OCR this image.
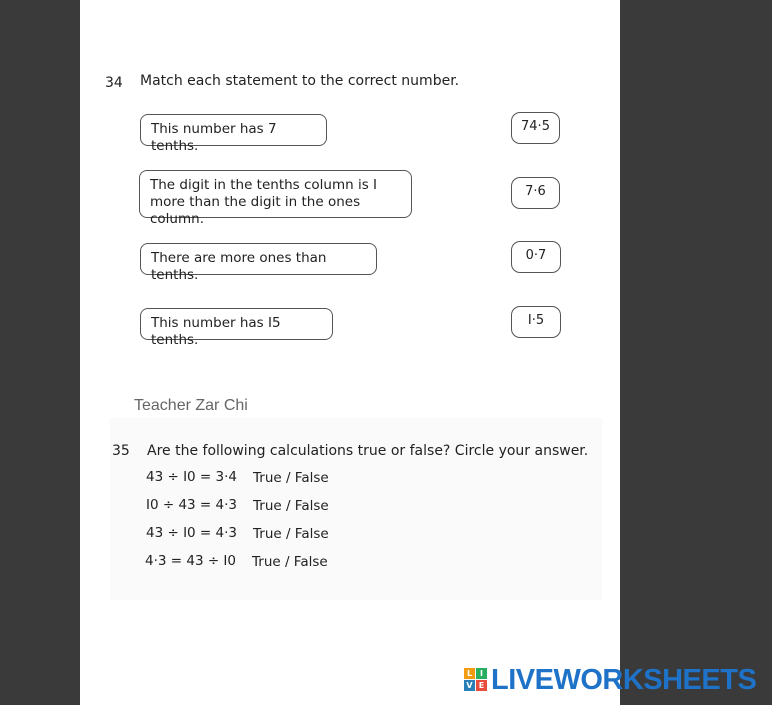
34 Match each statement to the correct number.
This number has 7 tenths.
The digit in the tenths column is I more than the digit in the ones column.
There are more ones than tenths.
This number has I5 tenths.
74·5
7·6
0·7
I·5
Teacher Zar Chi
35 Are the following calculations true or false? Circle your answer.
43 ÷ I0 = 3·4 True / False
I0 ÷ 43 = 4·3 True / False
43 ÷ I0 = 4·3 True / False
4·3 = 43 ÷ I0 True / False
L I
V E LIVEWORKSHEETS
